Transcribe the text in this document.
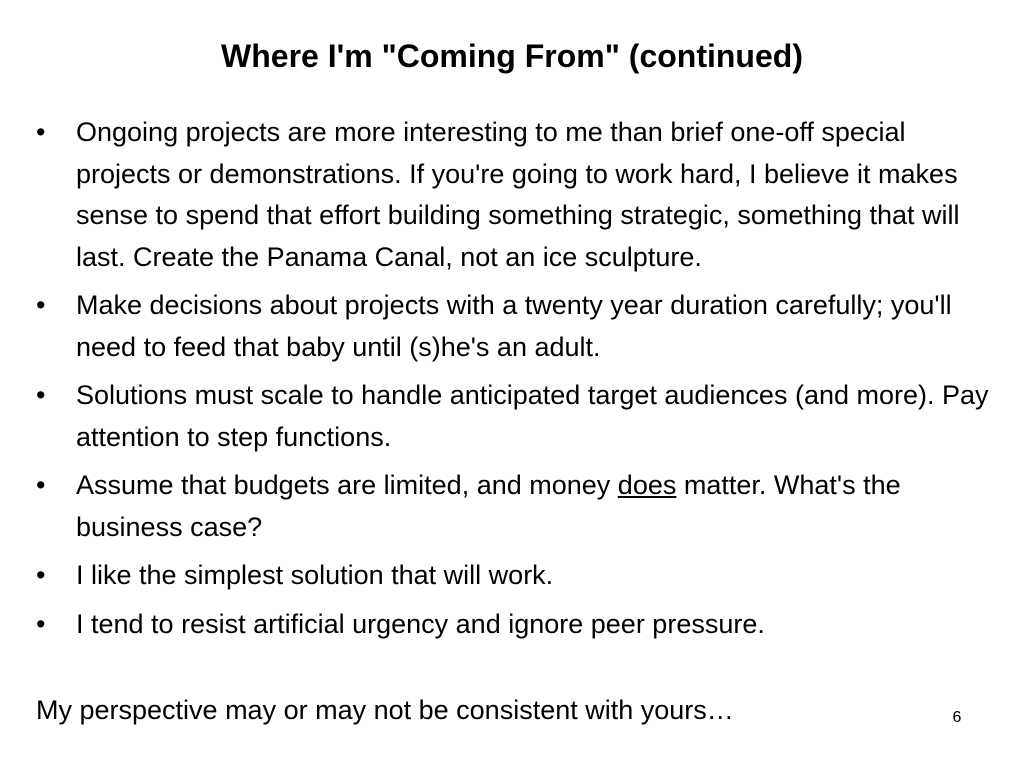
Where I'm "Coming From" (continued)
•	Ongoing projects are more interesting to me than brief one-off special projects or demonstrations. If you're going to work hard, I believe it makes sense to spend that effort building something strategic, something that will last. Create the Panama Canal, not an ice sculpture.
•	Make decisions about projects with a twenty year duration carefully; you'll need to feed that baby until (s)he's an adult.
•	Solutions must scale to handle anticipated target audiences (and more). Pay attention to step functions.
•	Assume that budgets are limited, and money does matter. What's the business case?
•	I like the simplest solution that will work.
•	I tend to resist artificial urgency and ignore peer pressure.

My perspective may or may not be consistent with yours…	6
